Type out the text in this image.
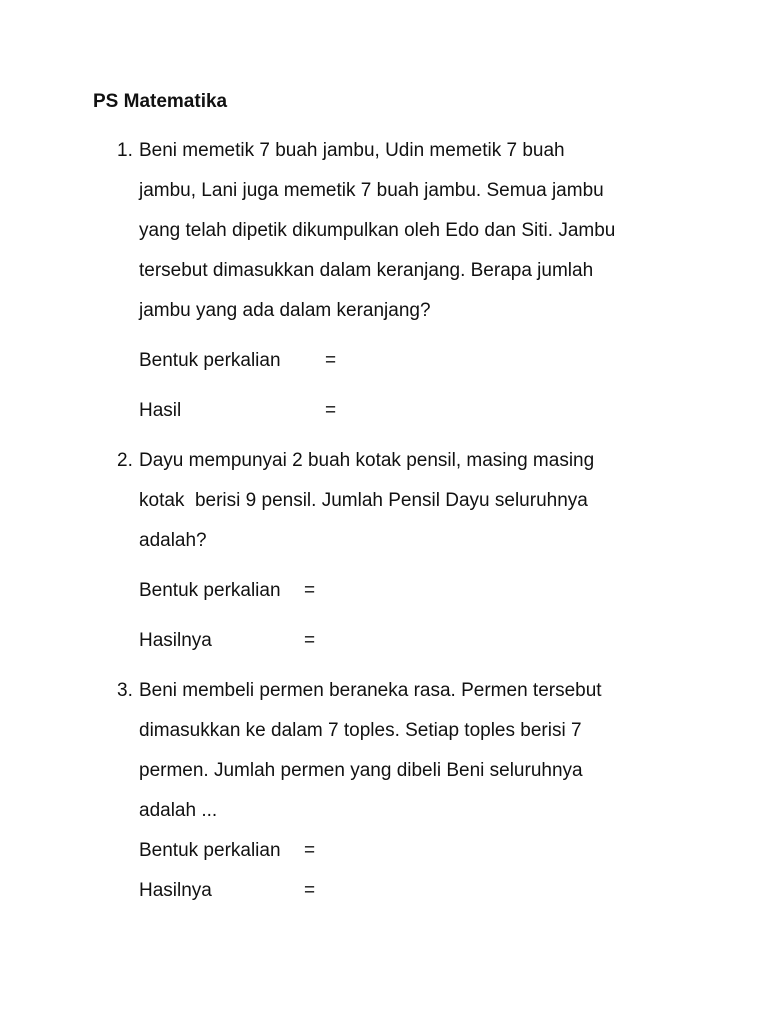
PS Matematika
1. Beni memetik 7 buah jambu, Udin memetik 7 buah
jambu, Lani juga memetik 7 buah jambu. Semua jambu
yang telah dipetik dikumpulkan oleh Edo dan Siti. Jambu
tersebut dimasukkan dalam keranjang. Berapa jumlah
jambu yang ada dalam keranjang?
Bentuk perkalian =
Hasil	=
2. Dayu mempunyai 2 buah kotak pensil, masing masing
kotak  berisi 9 pensil. Jumlah Pensil Dayu seluruhnya
adalah?
Bentuk perkalian =
Hasilnya	=
3. Beni membeli permen beraneka rasa. Permen tersebut
dimasukkan ke dalam 7 toples. Setiap toples berisi 7
permen. Jumlah permen yang dibeli Beni seluruhnya
adalah ...
Bentuk perkalian =
Hasilnya	=
